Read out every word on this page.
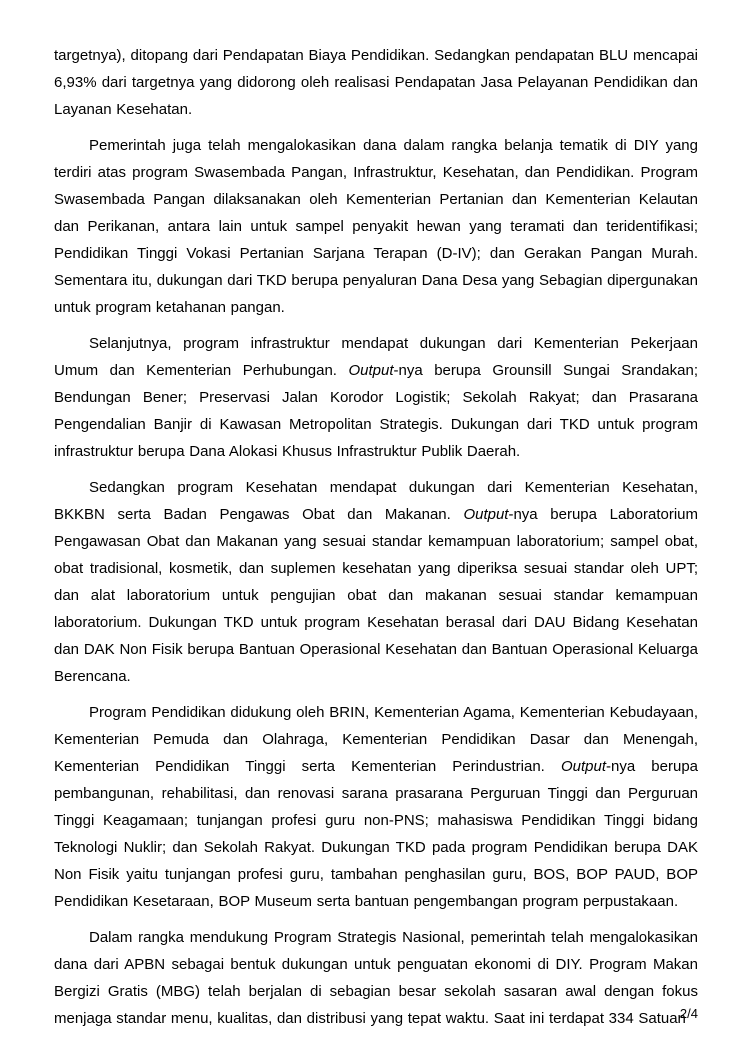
targetnya), ditopang dari Pendapatan Biaya Pendidikan. Sedangkan pendapatan BLU mencapai 6,93% dari targetnya yang didorong oleh realisasi Pendapatan Jasa Pelayanan Pendidikan dan Layanan Kesehatan.

Pemerintah juga telah mengalokasikan dana dalam rangka belanja tematik di DIY yang terdiri atas program Swasembada Pangan, Infrastruktur, Kesehatan, dan Pendidikan. Program Swasembada Pangan dilaksanakan oleh Kementerian Pertanian dan Kementerian Kelautan dan Perikanan, antara lain untuk sampel penyakit hewan yang teramati dan teridentifikasi; Pendidikan Tinggi Vokasi Pertanian Sarjana Terapan (D-IV); dan Gerakan Pangan Murah. Sementara itu, dukungan dari TKD berupa penyaluran Dana Desa yang Sebagian dipergunakan untuk program ketahanan pangan.

Selanjutnya, program infrastruktur mendapat dukungan dari Kementerian Pekerjaan Umum dan Kementerian Perhubungan. Output-nya berupa Grounsill Sungai Srandakan; Bendungan Bener; Preservasi Jalan Korodor Logistik; Sekolah Rakyat; dan Prasarana Pengendalian Banjir di Kawasan Metropolitan Strategis. Dukungan dari TKD untuk program infrastruktur berupa Dana Alokasi Khusus Infrastruktur Publik Daerah.

Sedangkan program Kesehatan mendapat dukungan dari Kementerian Kesehatan, BKKBN serta Badan Pengawas Obat dan Makanan. Output-nya berupa Laboratorium Pengawasan Obat dan Makanan yang sesuai standar kemampuan laboratorium; sampel obat, obat tradisional, kosmetik, dan suplemen kesehatan yang diperiksa sesuai standar oleh UPT; dan alat laboratorium untuk pengujian obat dan makanan sesuai standar kemampuan laboratorium. Dukungan TKD untuk program Kesehatan berasal dari DAU Bidang Kesehatan dan DAK Non Fisik berupa Bantuan Operasional Kesehatan dan Bantuan Operasional Keluarga Berencana.

Program Pendidikan didukung oleh BRIN, Kementerian Agama, Kementerian Kebudayaan, Kementerian Pemuda dan Olahraga, Kementerian Pendidikan Dasar dan Menengah, Kementerian Pendidikan Tinggi serta Kementerian Perindustrian. Output-nya berupa pembangunan, rehabilitasi, dan renovasi sarana prasarana Perguruan Tinggi dan Perguruan Tinggi Keagamaan; tunjangan profesi guru non-PNS; mahasiswa Pendidikan Tinggi bidang Teknologi Nuklir; dan Sekolah Rakyat. Dukungan TKD pada program Pendidikan berupa DAK Non Fisik yaitu tunjangan profesi guru, tambahan penghasilan guru, BOS, BOP PAUD, BOP Pendidikan Kesetaraan, BOP Museum serta bantuan pengembangan program perpustakaan.

Dalam rangka mendukung Program Strategis Nasional, pemerintah telah mengalokasikan dana dari APBN sebagai bentuk dukungan untuk penguatan ekonomi di DIY. Program Makan Bergizi Gratis (MBG) telah berjalan di sebagian besar sekolah sasaran awal dengan fokus menjaga standar menu, kualitas, dan distribusi yang tepat waktu. Saat ini terdapat 334 Satuan

2/4
